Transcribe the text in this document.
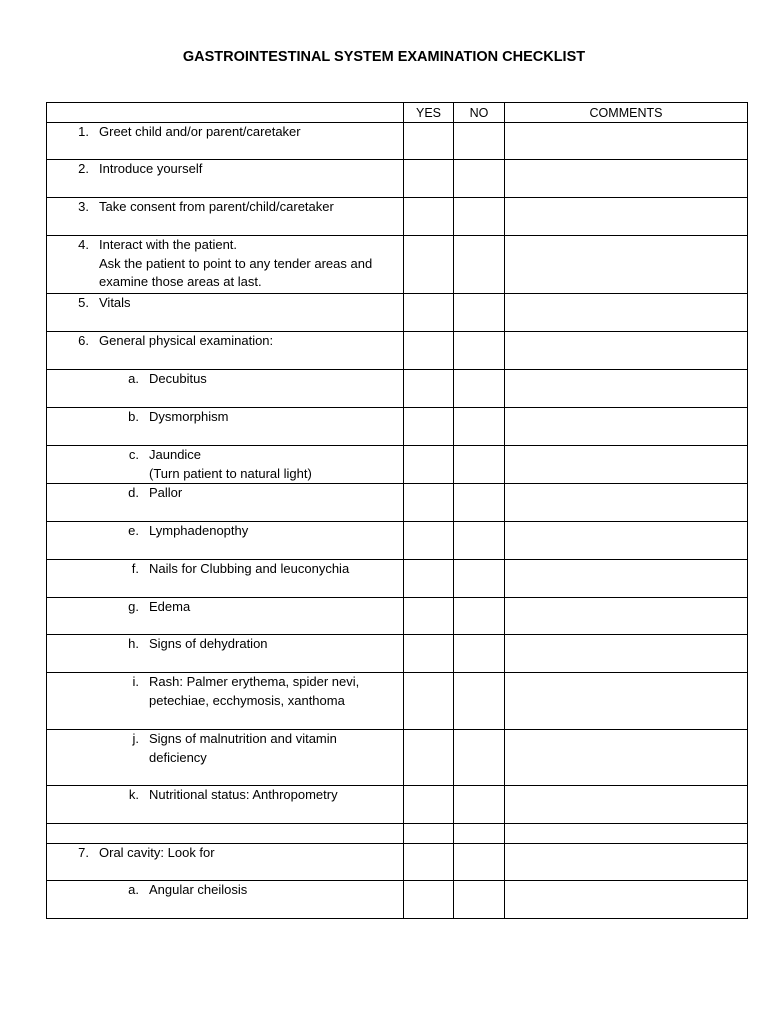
GASTROINTESTINAL SYSTEM EXAMINATION CHECKLIST
	YES	NO	COMMENTS

1. Greet child and/or parent/caretaker			

2. Introduce yourself			

3. Take consent from parent/child/caretaker			

4. Interact with the patient.
Ask the patient to point to any tender areas and
examine those areas at last.			

5. Vitals			

6. General physical examination:			

a. Decubitus			

b. Dysmorphism			

c. Jaundice
(Turn patient to natural light)			

d. Pallor			

e. Lymphadenopthy			

f. Nails for Clubbing and leuconychia			

g. Edema			

h. Signs of dehydration			

i. Rash: Palmer erythema, spider nevi,
petechiae, ecchymosis, xanthoma			

j. Signs of malnutrition and vitamin
deficiency			

k. Nutritional status: Anthropometry			

7. Oral cavity: Look for			

a. Angular cheilosis			
